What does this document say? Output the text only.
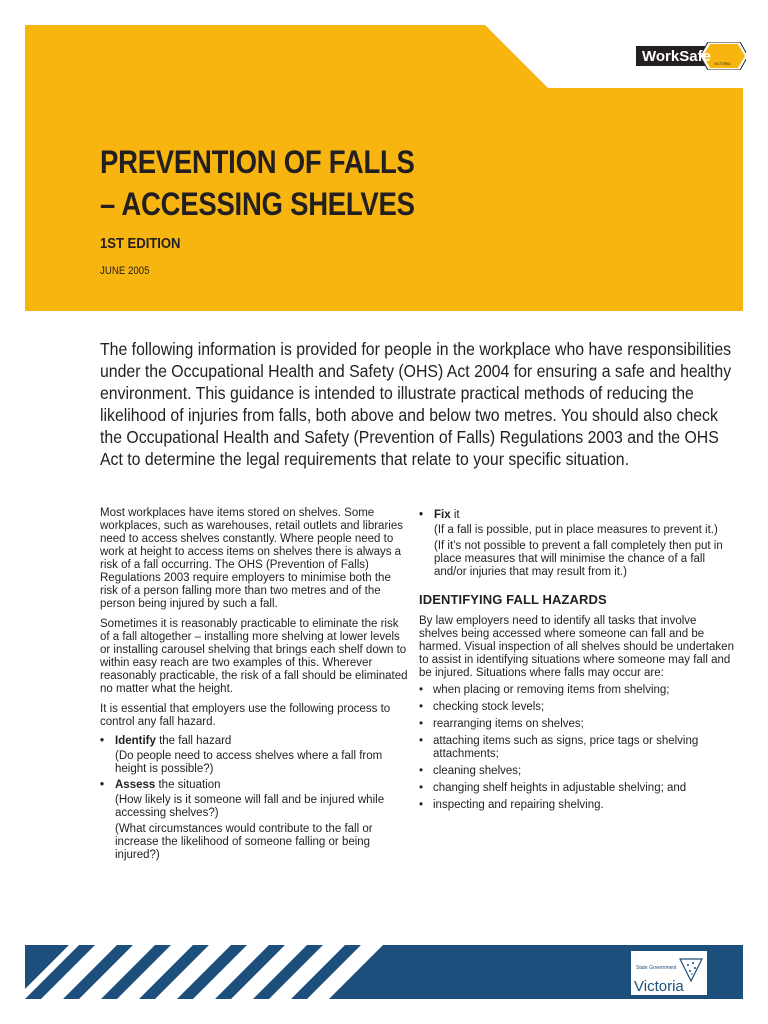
WorkSafe VICTORIA
PREVENTION OF FALLS
– ACCESSING SHELVES
1ST EDITION
JUNE 2005

The following information is provided for people in the workplace who have responsibilities under the Occupational Health and Safety (OHS) Act 2004 for ensuring a safe and healthy environment. This guidance is intended to illustrate practical methods of reducing the likelihood of injuries from falls, both above and below two metres. You should also check the Occupational Health and Safety (Prevention of Falls) Regulations 2003 and the OHS Act to determine the legal requirements that relate to your specific situation.

Most workplaces have items stored on shelves. Some workplaces, such as warehouses, retail outlets and libraries need to access shelves constantly. Where people need to work at height to access items on shelves there is always a risk of a fall occurring. The OHS (Prevention of Falls) Regulations 2003 require employers to minimise both the risk of a person falling more than two metres and of the person being injured by such a fall.

Sometimes it is reasonably practicable to eliminate the risk of a fall altogether – installing more shelving at lower levels or installing carousel shelving that brings each shelf down to within easy reach are two examples of this. Wherever reasonably practicable, the risk of a fall should be eliminated no matter what the height.

It is essential that employers use the following process to control any fall hazard.

• Identify the fall hazard
(Do people need to access shelves where a fall from height is possible?)
• Assess the situation
(How likely is it someone will fall and be injured while accessing shelves?)
(What circumstances would contribute to the fall or increase the likelihood of someone falling or being injured?)
• Fix it
(If a fall is possible, put in place measures to prevent it.)
(If it’s not possible to prevent a fall completely then put in place measures that will minimise the chance of a fall and/or injuries that may result from it.)
IDENTIFYING FALL HAZARDS

By law employers need to identify all tasks that involve shelves being accessed where someone can fall and be harmed. Visual inspection of all shelves should be undertaken to assist in identifying situations where someone may fall and be injured. Situations where falls may occur are:

• when placing or removing items from shelving;
• checking stock levels;
• rearranging items on shelves;
• attaching items such as signs, price tags or shelving attachments;
• cleaning shelves;
• changing shelf heights in adjustable shelving; and
• inspecting and repairing shelving.
State Government
Victoria
